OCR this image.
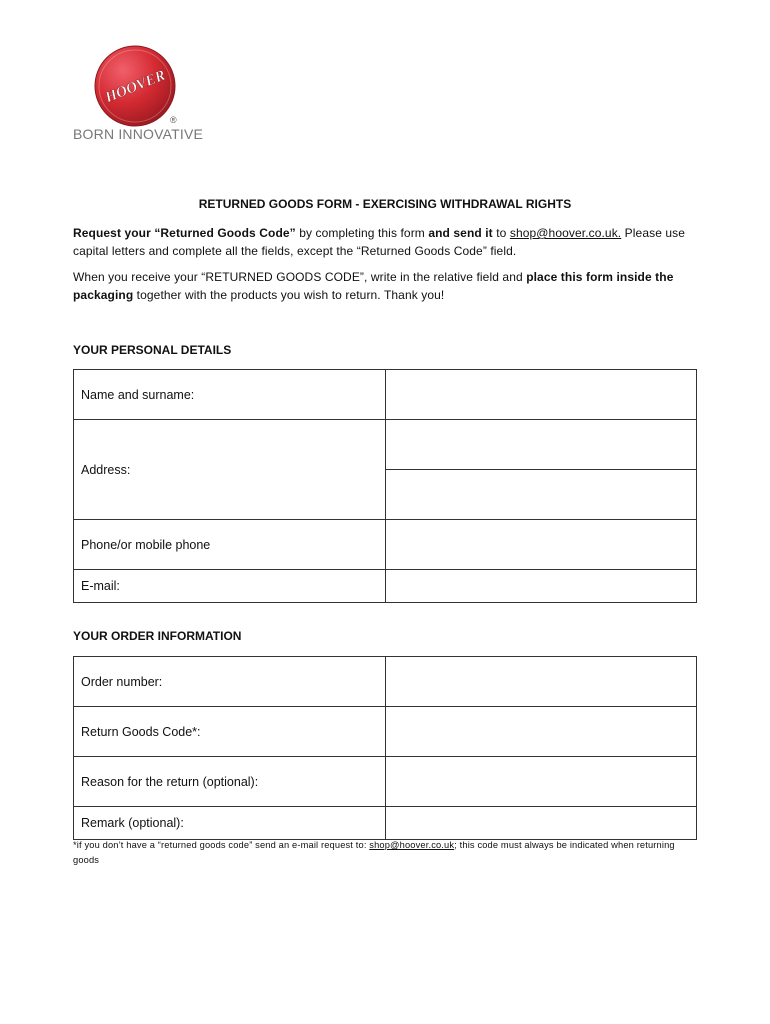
HOOVER
®
BORN INNOVATIVE
RETURNED GOODS FORM - EXERCISING WITHDRAWAL RIGHTS
Request your “Returned Goods Code” by completing this form and send it to shop@hoover.co.uk. Please use capital letters and complete all the fields, except the “Returned Goods Code” field.
When you receive your “RETURNED GOODS CODE”, write in the relative field and place this form inside the packaging together with the products you wish to return. Thank you!
YOUR PERSONAL DETAILS
Name and surname:	
Address:	

Phone/or mobile phone	
E-mail:	
YOUR ORDER INFORMATION
Order number:	
Return Goods Code*:	
Reason for the return (optional):	
Remark (optional):	
*if you don’t have a “returned goods code” send an e-mail request to: shop@hoover.co.uk; this code must always be indicated when returning goods
